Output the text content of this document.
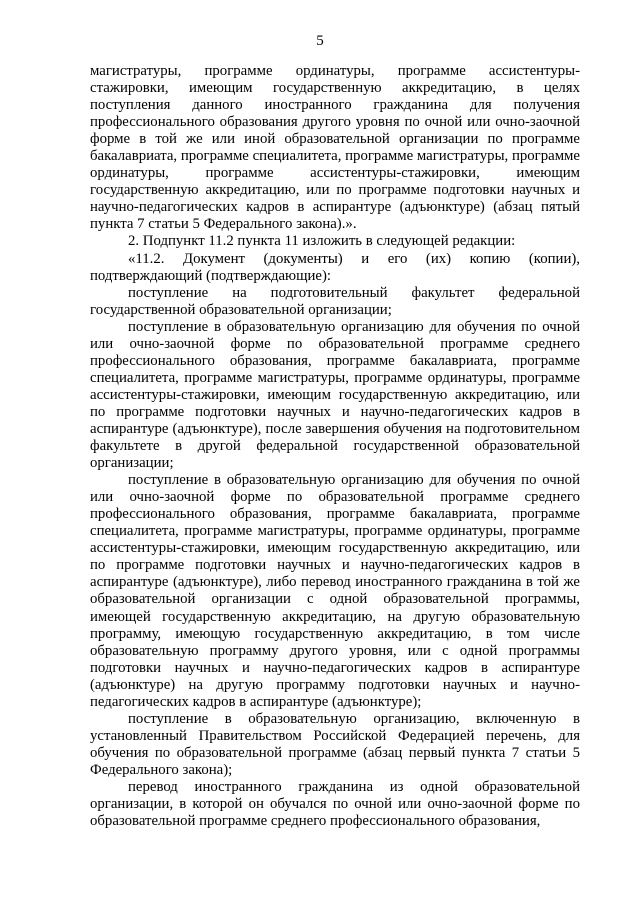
5

магистратуры, программе ординатуры, программе ассистентуры-стажировки, имеющим государственную аккредитацию, в целях поступления данного иностранного гражданина для получения профессионального образования другого уровня по очной или очно-заочной форме в той же или иной образовательной организации по программе бакалавриата, программе специалитета, программе магистратуры, программе ординатуры, программе ассистентуры-стажировки, имеющим государственную аккредитацию, или по программе подготовки научных и научно-педагогических кадров в аспирантуре (адъюнктуре) (абзац пятый пункта 7 статьи 5 Федерального закона).».

2. Подпункт 11.2 пункта 11 изложить в следующей редакции:

«11.2. Документ (документы) и его (их) копию (копии), подтверждающий (подтверждающие):

поступление на подготовительный факультет федеральной государственной образовательной организации;

поступление в образовательную организацию для обучения по очной или очно-заочной форме по образовательной программе среднего профессионального образования, программе бакалавриата, программе специалитета, программе магистратуры, программе ординатуры, программе ассистентуры-стажировки, имеющим государственную аккредитацию, или по программе подготовки научных и научно-педагогических кадров в аспирантуре (адъюнктуре), после завершения обучения на подготовительном факультете в другой федеральной государственной образовательной организации;

поступление в образовательную организацию для обучения по очной или очно-заочной форме по образовательной программе среднего профессионального образования, программе бакалавриата, программе специалитета, программе магистратуры, программе ординатуры, программе ассистентуры-стажировки, имеющим государственную аккредитацию, или по программе подготовки научных и научно-педагогических кадров в аспирантуре (адъюнктуре), либо перевод иностранного гражданина в той же образовательной организации с одной образовательной программы, имеющей государственную аккредитацию, на другую образовательную программу, имеющую государственную аккредитацию, в том числе образовательную программу другого уровня, или с одной программы подготовки научных и научно-педагогических кадров в аспирантуре (адъюнктуре) на другую программу подготовки научных и научно-педагогических кадров в аспирантуре (адъюнктуре);

поступление в образовательную организацию, включенную в установленный Правительством Российской Федерацией перечень, для обучения по образовательной программе (абзац первый пункта 7 статьи 5 Федерального закона);

перевод иностранного гражданина из одной образовательной организации, в которой он обучался по очной или очно-заочной форме по образовательной программе среднего профессионального образования,
